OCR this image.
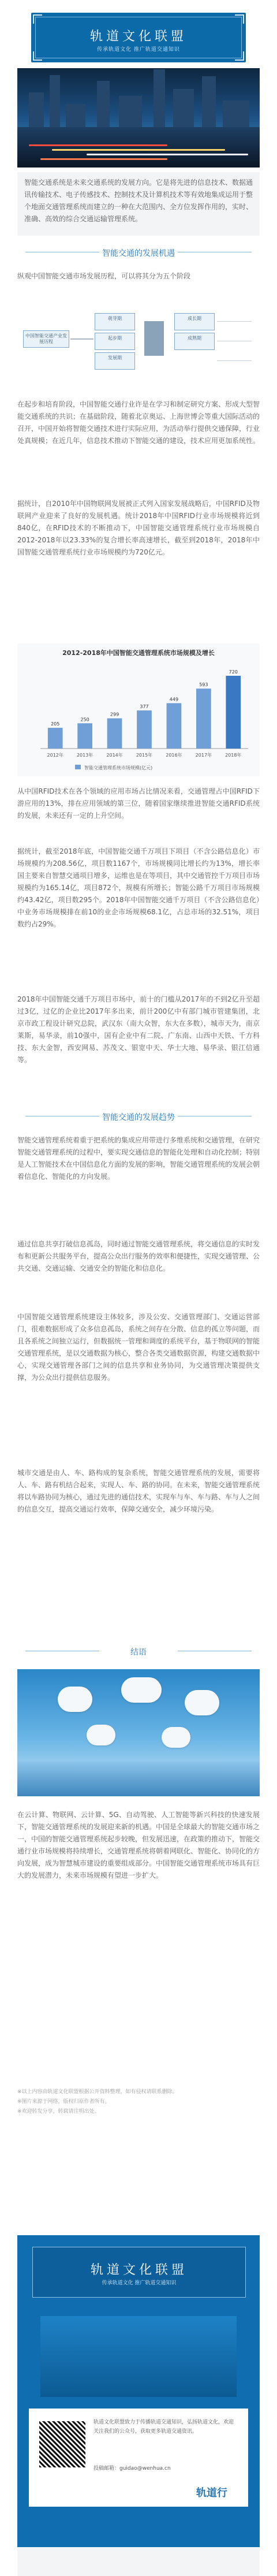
轨道文化联盟
传承轨道文化 推广轨道交通知识
智能交通系统是未来交通系统的发展方向。它是将先进的信息技术、数据通讯传输技术、电子传感技术、控制技术及计算机技术等有效地集成运用于整个地面交通管理系统而建立的一种在大范围内、全方位发挥作用的，实时、准确、高效的综合交通运输管理系统。
智能交通的发展机遇
纵观中国智能交通市场发展历程，可以将其分为五个阶段
中国智能交通产业发展历程
萌芽期
起步期
发展期
成长期
成熟期
在起步和培育阶段，中国智能交通行业许是在学习和制定研究方案、形成大型智能交通系统的共识；在基础阶段，随着北京奥运、上海世博会等重大国际活动的召开，中国开始将智能交通技术进行实际应用，为活动举行提供交通保障，行业处真规模；在近几年，信息技术推动下智能交通的建设，技术应用更加系统性。
据统计，自2010年中国物联网发展被正式列入国家发展战略后，中国RFID及物联网产业迎来了良好的发展机遇。统计2018年中国RFID行业市场规模将近到840亿，在RFID技术的不断推动下，中国智能交通管理系统行业市场规模自2012-2018年以23.33%的复合增长率高速增长，截至到2018年，2018年中国智能交通管理系统行业市场规模约为720亿元。
2012-2018年中国智能交通管理系统市场规模及增长
205
2012年
250
2013年
299
2014年
377
2015年
449
2016年
593
2017年
720
2018年
智能交通管理系统市场规模(亿元)
从中国RFID技术在各个领域的应用市场占比情况来看，交通管理占中国RFID下游应用的13%，排在应用领域的第三位，随着国家继续推进智能交通RFID系统的发展，未来还有一定的上升空间。
据统计，截至2018年底，中国智能交通千万项目下项目（不含公路信息化）市场规模约为208.56亿，项目数1167个，市场规模同比增长约为13%，增长率国主要来自智慧交通项目增多，运维也是在等项目，其中交通管控千万项目市场规模约为165.14亿，项目872个，规模有所增长；智能公路千万项目市场规模约43.42亿，项目数295个。2018年中国智能交通千万项目（不含公路信息化）中业务市场规模排在前10的业企市场规模68.1亿，占总市场的32.51%，项目数约占29%。
2018年中国智能交通千万项目市场中，前十的门槛从2017年的不到2亿升至超过3亿，过亿的企业比2017年多出来，前计200亿中有部门城市管建集团，北京市政工程设计研究总院，武汉东（南大众智，东大在多数），城市天为，南京莱斯，易华录，前10强中，国有企业中有二院、广东南、山西中天铁、千方科技、东大金智，西安网易、苏茂文、银宽中天、华士大地、易华录、银江信通等。
智能交通的发展趋势
智能交通管理系统着重于把系统的集成应用带进行多维系统和交通管理，在研究智能交通管理系统的过程中，要实现交通信息的智能化处理和自动化控制；特别是人工智能技术在中国信息化方面的发展的影响，智能交通管理系统的发展会朝着信息化、智能化的方向发展。
通过信息共享打破信息孤岛，同时通过智能交通管理系统，将交通信息的实时发布和更新公共服务平台，提高公众出行服务的效率和便捷性，实现交通管理、公共交通、交通运输、交通安全的智能化和信息化。
中国智能交通管理系统建设主体较多，涉及公安、交通管理部门、交通运营部门，很难数据形成了众多信息孤岛，系统之间存在分散、信息的孤立等问题，而且各系统之间独立运行，但数据统一管理和调度的系统平台，基于物联网的智能交通管理系统，是以交通数据为核心，整合各类交通数据资源，构建交通数据中心，实现交通管理各部门之间的信息共享和业务协同，为交通管理决策提供支撑，为公众出行提供信息服务。
城市交通是由人、车、路构成的复杂系统，智能交通管理系统的发展，需要将人、车、路有机结合起来，实现人、车、路的协同。在未来，智能交通管理系统将以车路协同为核心，通过先进的通信技术，实现车与车、车与路、车与人之间的信息交互，提高交通运行效率，保障交通安全，减少环境污染。
结语
在云计算、物联网、云计算、5G、自动驾驶、人工智能等新兴科技的快速发展下，智能交通管理系统的发展迎来新的机遇。中国是全球最大的智能交通市场之一，中国的智能交通管理系统起步较晚，但发展迅速，在政策的推动下，智能交通行业市场规模将持续增长，交通管理系统将朝着网联化、智能化、协同化的方向发展，成为智慧城市建设的重要组成部分。中国智能交通管理系统市场具有巨大的发展潜力，未来市场规模有望进一步扩大。
※以上内容由轨道文化联盟根据公开资料整理，如有侵权请联系删除。
※图片来源于网络，版权归原作者所有。
※欢迎转发分享，转载请注明出处。
轨道文化联盟
传承轨道文化 推广轨道交通知识
轨道文化联盟致力于传播轨道交通知识，弘扬轨道文化，欢迎关注我们的公众号，获取更多轨道交通资讯。
投稿邮箱：guidao@wenhua.cn
轨道行
